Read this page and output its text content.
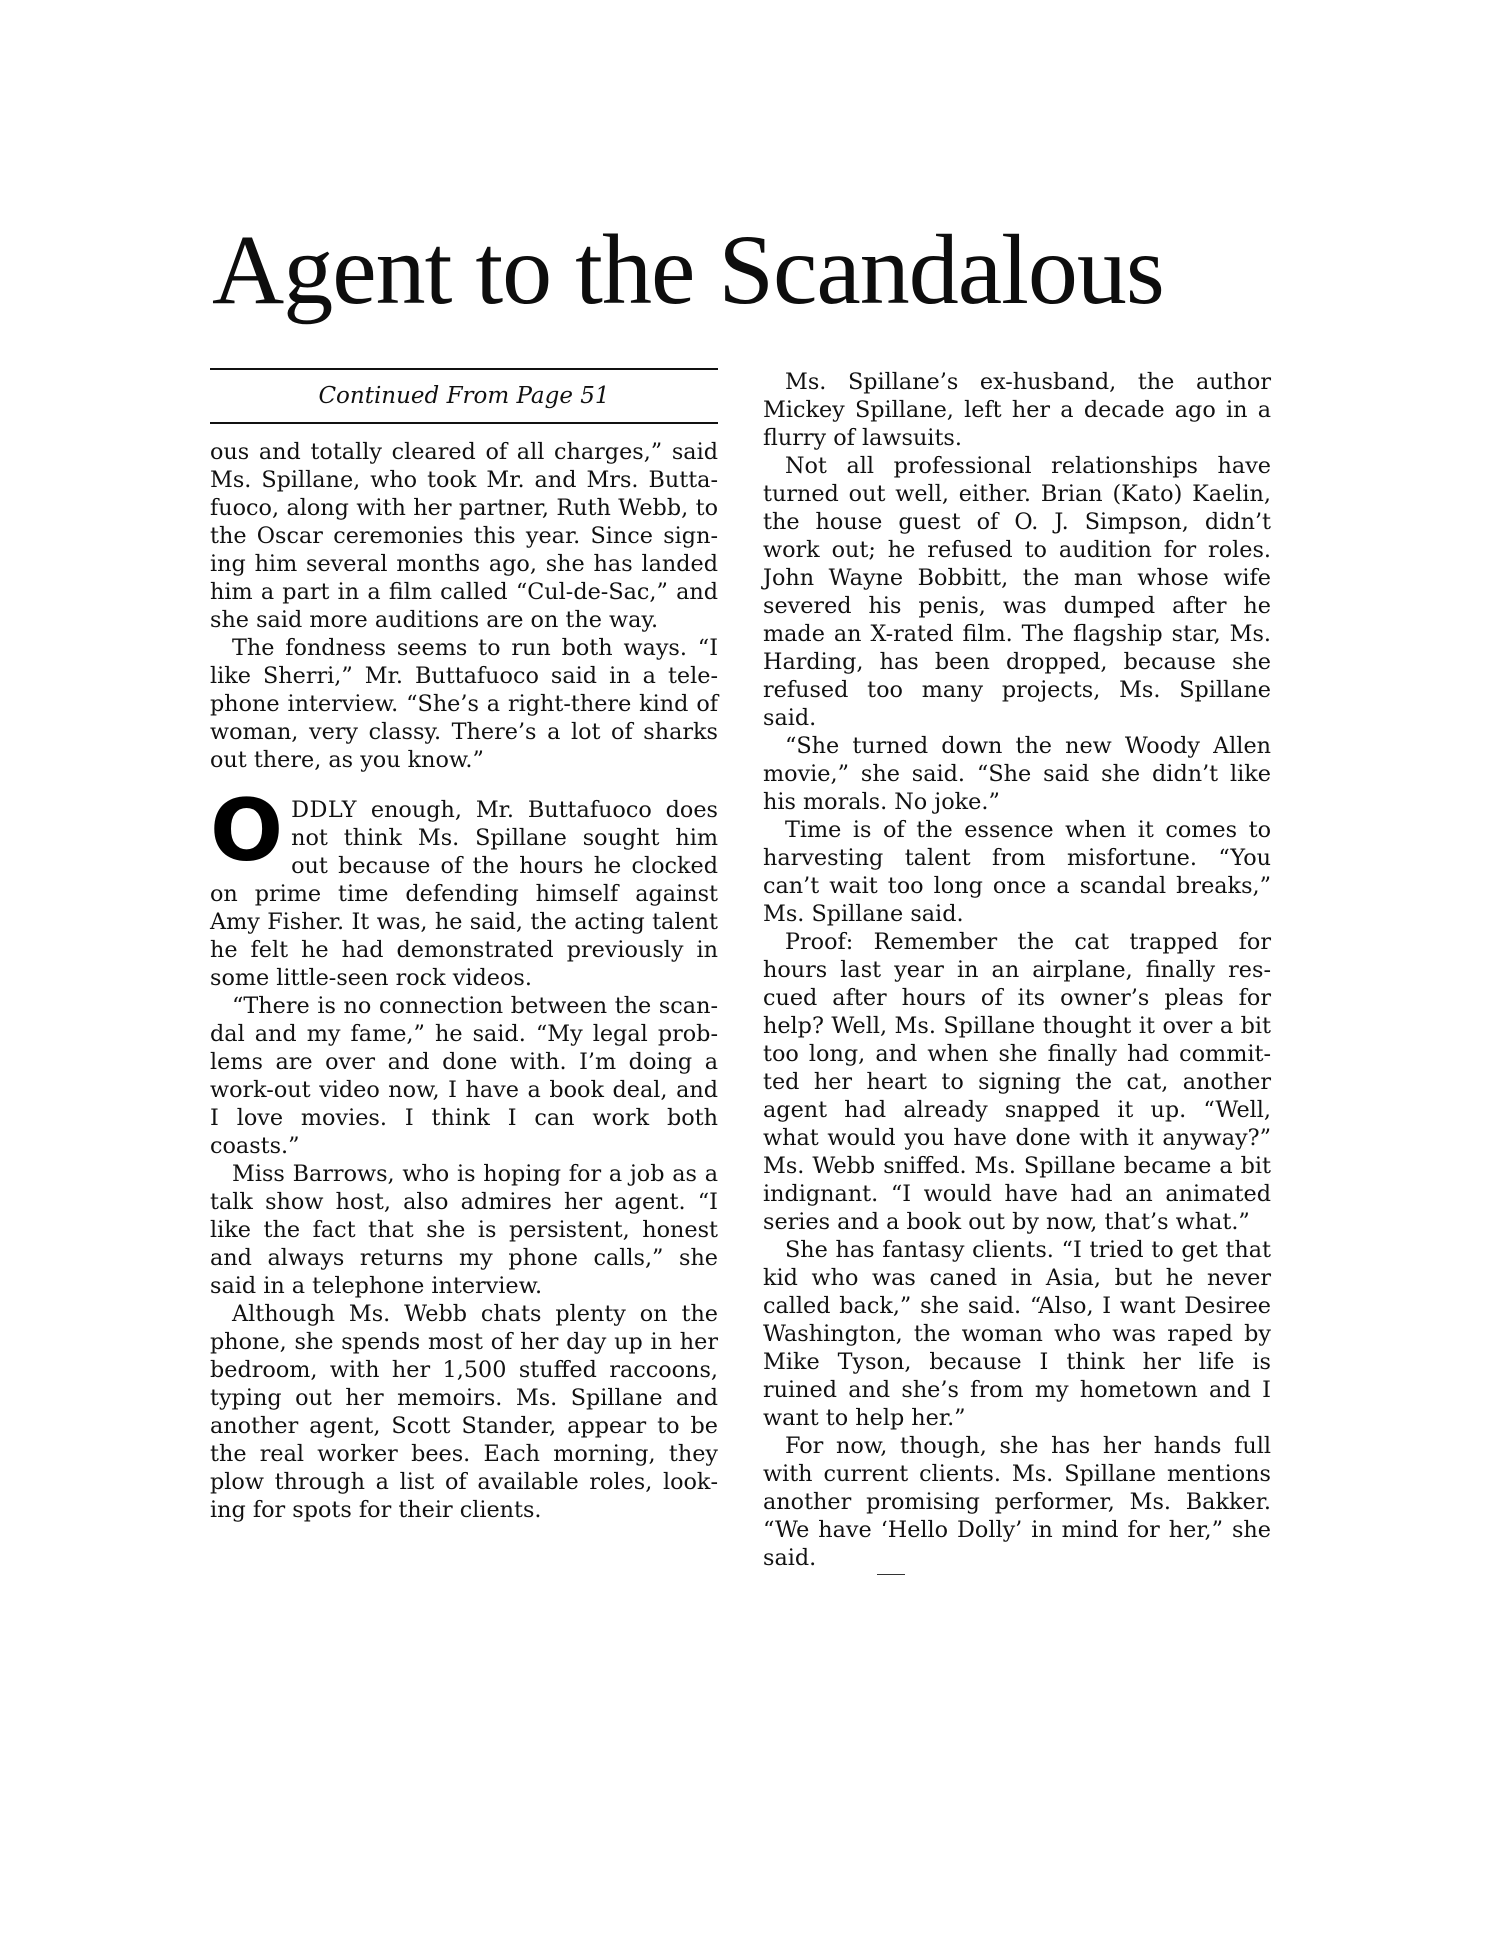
Agent to the Scandalous
Continued From Page 51

ous and totally cleared of all charges,” said Ms. Spillane, who took Mr. and Mrs. Buttafuoco, along with her partner, Ruth Webb, to the Oscar ceremonies this year. Since signing him several months ago, she has landed him a part in a film called “Cul-de-Sac,” and she said more auditions are on the way.

The fondness seems to run both ways. “I like Sherri,” Mr. Buttafuoco said in a telephone interview. “She’s a right-there kind of woman, very classy. There’s a lot of sharks out there, as you know.”

ODDLY enough, Mr. Buttafuoco does not think Ms. Spillane sought him out because of the hours he clocked on prime time defending himself against Amy Fisher. It was, he said, the acting talent he felt he had demonstrated previously in some little-seen rock videos.

“There is no connection between the scandal and my fame,” he said. “My legal problems are over and done with. I’m doing a work-out video now, I have a book deal, and I love movies. I think I can work both coasts.”

Miss Barrows, who is hoping for a job as a talk show host, also admires her agent. “I like the fact that she is persistent, honest and always returns my phone calls,” she said in a telephone interview.

Although Ms. Webb chats plenty on the phone, she spends most of her day up in her bedroom, with her 1,500 stuffed raccoons, typing out her memoirs. Ms. Spillane and another agent, Scott Stander, appear to be the real worker bees. Each morning, they plow through a list of available roles, looking for spots for their clients.

Ms. Spillane’s ex-husband, the author Mickey Spillane, left her a decade ago in a flurry of lawsuits.

Not all professional relationships have turned out well, either. Brian (Kato) Kaelin, the house guest of O. J. Simpson, didn’t work out; he refused to audition for roles. John Wayne Bobbitt, the man whose wife severed his penis, was dumped after he made an X-rated film. The flagship star, Ms. Harding, has been dropped, because she refused too many projects, Ms. Spillane said.

“She turned down the new Woody Allen movie,” she said. “She said she didn’t like his morals. No joke.”

Time is of the essence when it comes to harvesting talent from misfortune. “You can’t wait too long once a scandal breaks,” Ms. Spillane said.

Proof: Remember the cat trapped for hours last year in an airplane, finally rescued after hours of its owner’s pleas for help? Well, Ms. Spillane thought it over a bit too long, and when she finally had committed her heart to signing the cat, another agent had already snapped it up. “Well, what would you have done with it anyway?” Ms. Webb sniffed. Ms. Spillane became a bit indignant. “I would have had an animated series and a book out by now, that’s what.”

She has fantasy clients. “I tried to get that kid who was caned in Asia, but he never called back,” she said. “Also, I want Desiree Washington, the woman who was raped by Mike Tyson, because I think her life is ruined and she’s from my hometown and I want to help her.”

For now, though, she has her hands full with current clients. Ms. Spillane mentions another promising performer, Ms. Bakker. “We have ‘Hello Dolly’ in mind for her,” she said.
